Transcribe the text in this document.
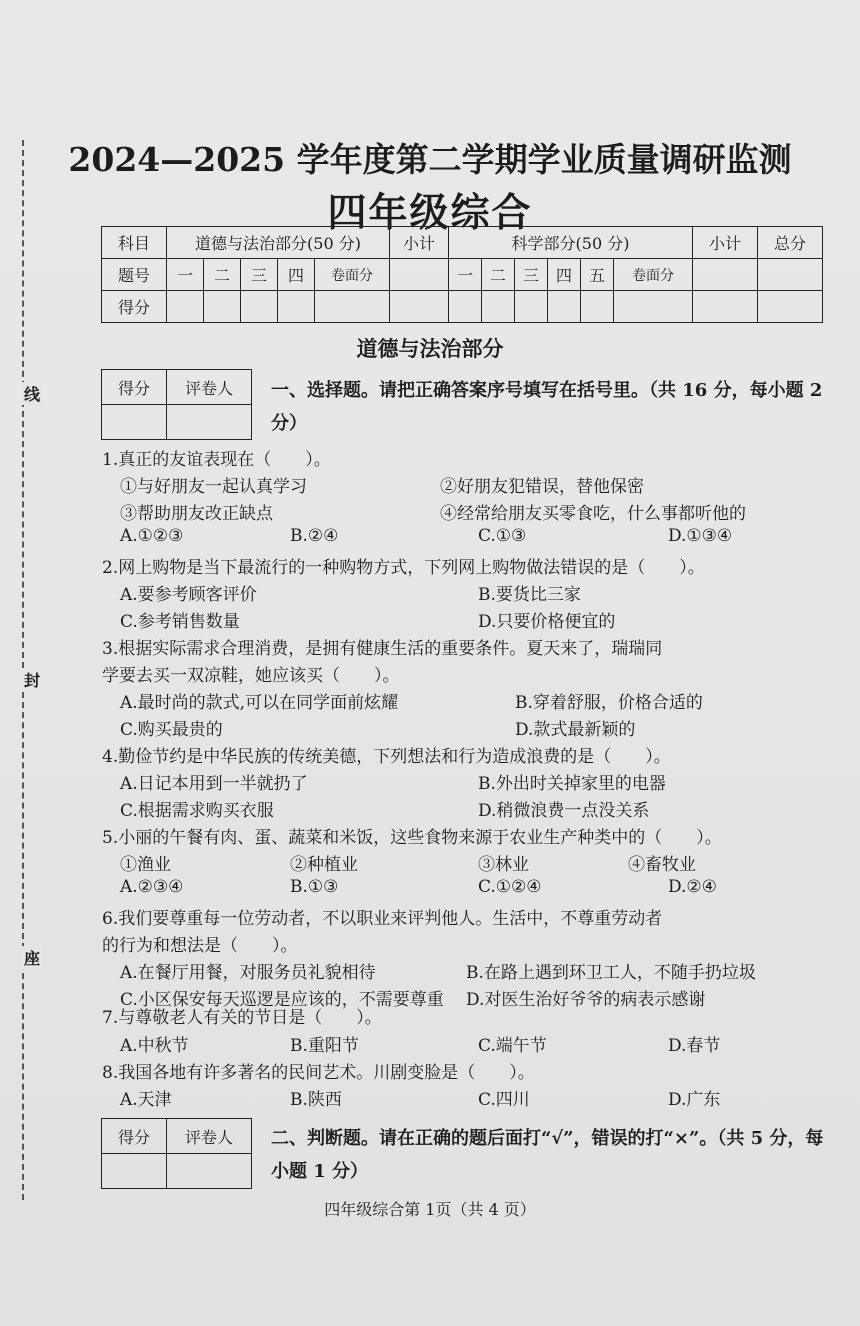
线
封
座
2024—2025 学年度第二学期学业质量调研监测
四年级综合
科目	道德与法治部分(50 分)					小计	科学部分(50 分)						小计	总分
题号	一	二	三	四	卷面分		一	二	三	四	五	卷面分		
得分														
道德与法治部分
得分	评卷人
	一、选择题。请把正确答案序号填写在括号里。（共 16 分，每小题 2 分）
1.真正的友谊表现在（　　）。
①与好朋友一起认真学习	②好朋友犯错误，替他保密
③帮助朋友改正缺点	④经常给朋友买零食吃，什么事都听他的
A.①②③	B.②④	C.①③	D.①③④
2.网上购物是当下最流行的一种购物方式，下列网上购物做法错误的是（　　）。
A.要参考顾客评价	B.要货比三家
C.参考销售数量	D.只要价格便宜的
3.根据实际需求合理消费，是拥有健康生活的重要条件。夏天来了，瑞瑞同
学要去买一双凉鞋，她应该买（　　）。
A.最时尚的款式,可以在同学面前炫耀	B.穿着舒服，价格合适的
C.购买最贵的	D.款式最新颖的
4.勤俭节约是中华民族的传统美德，下列想法和行为造成浪费的是（　　）。
A.日记本用到一半就扔了	B.外出时关掉家里的电器
C.根据需求购买衣服	D.稍微浪费一点没关系
5.小丽的午餐有肉、蛋、蔬菜和米饭，这些食物来源于农业生产种类中的（　　）。
①渔业	②种植业	③林业	④畜牧业
A.②③④	B.①③	C.①②④	D.②④
6.我们要尊重每一位劳动者，不以职业来评判他人。生活中，不尊重劳动者
的行为和想法是（　　）。
A.在餐厅用餐，对服务员礼貌相待	B.在路上遇到环卫工人，不随手扔垃圾
C.小区保安每天巡逻是应该的，不需要尊重 D.对医生治好爷爷的病表示感谢
7.与尊敬老人有关的节日是（　　）。
A.中秋节	B.重阳节	C.端午节	D.春节
8.我国各地有许多著名的民间艺术。川剧变脸是（　　）。
A.天津	B.陕西	C.四川	D.广东
得分	评卷人
	二、判断题。请在正确的题后面打“√”，错误的打“×”。（共 5 分，每小题 1 分）
四年级综合第 1页（共 4 页）
